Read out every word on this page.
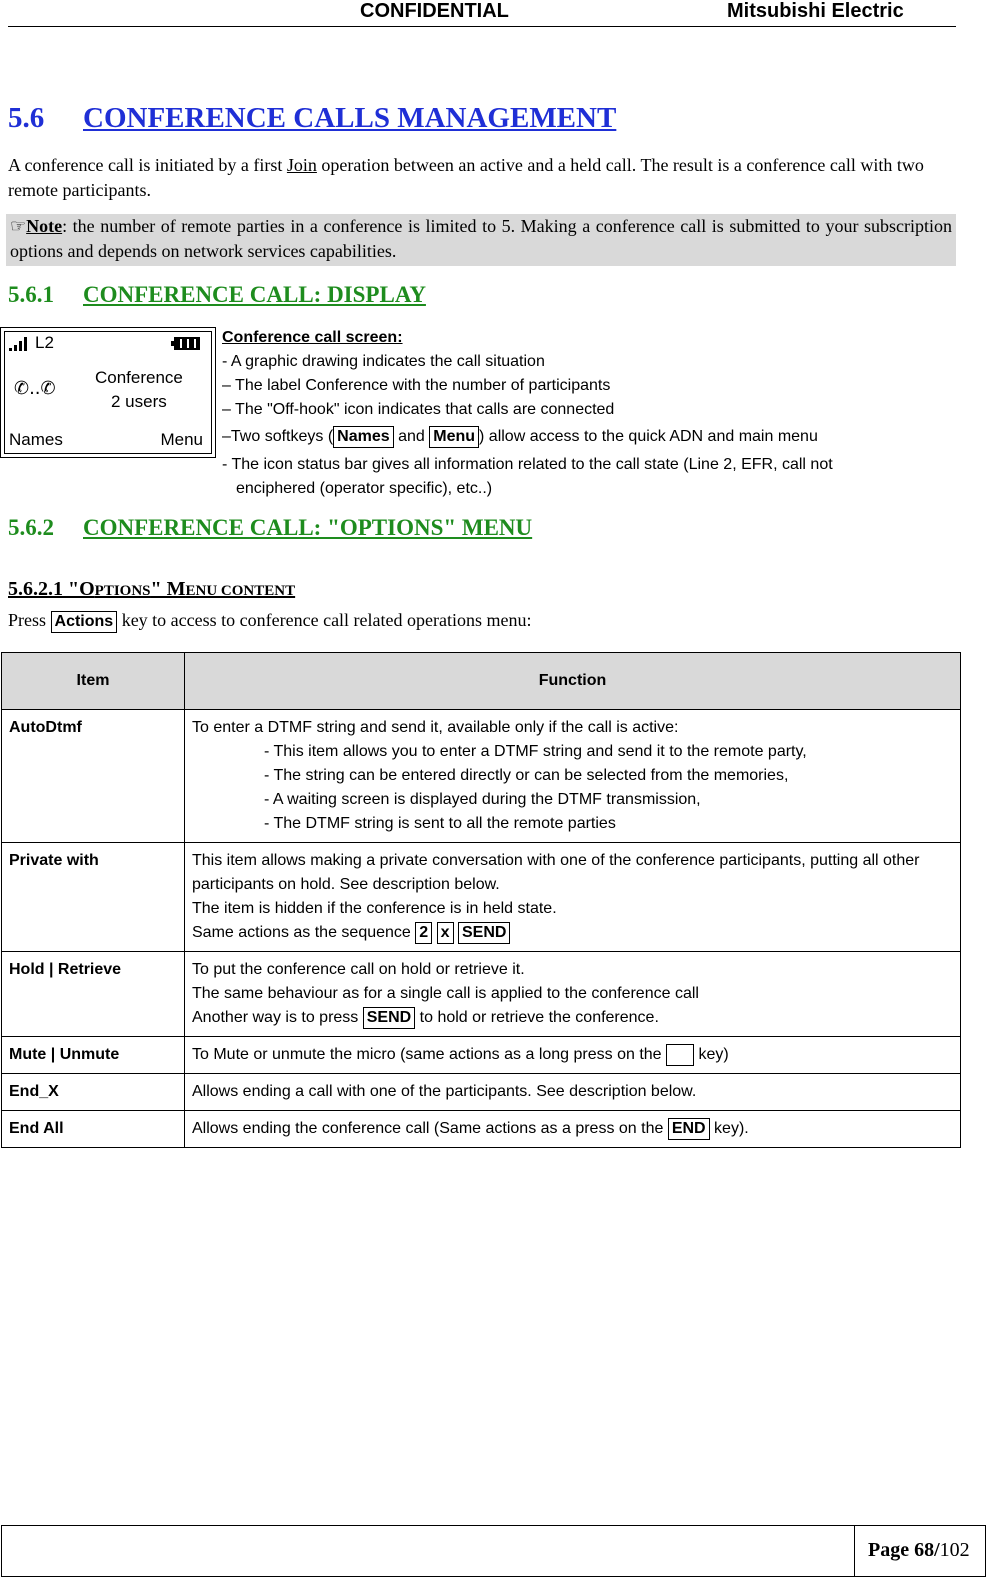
CONFIDENTIAL	Mitsubishi Electric
5.6 CONFERENCE CALLS MANAGEMENT
A conference call is initiated by a first Join operation between an active and a held call. The result is a conference call with two remote participants.
☞Note: the number of remote parties in a conference is limited to 5. Making a conference call is submitted to your subscription options and depends on network services capabilities.
5.6.1 CONFERENCE CALL: DISPLAY
L2
✆..✆
Conference
2 users
Names	Menu
Conference call screen:
- A graphic drawing indicates the call situation
– The label Conference with the number of participants
– The "Off-hook" icon indicates that calls are connected
–Two softkeys ( Names and Menu ) allow access to the quick ADN and main menu
- The icon status bar gives all information related to the call state (Line 2, EFR, call not
enciphered (operator specific), etc..)
5.6.2 CONFERENCE CALL: "OPTIONS" MENU
5.6.2.1 "OPTIONS" MENU CONTENT
Press Actions key to access to conference call related operations menu:
Item	Function
AutoDtmf	To enter a DTMF string and send it, available only if the call is active:
- This item allows you to enter a DTMF string and send it to the remote party,
- The string can be entered directly or can be selected from the memories,
- A waiting screen is displayed during the DTMF transmission,
- The DTMF string is sent to all the remote parties

Private with	This item allows making a private conversation with one of the conference participants, putting all other participants on hold. See description below.
The item is hidden if the conference is in held state.
Same actions as the sequence 2 x SEND

Hold | Retrieve	To put the conference call on hold or retrieve it.
The same behaviour as for a single call is applied to the conference call
Another way is to press SEND to hold or retrieve the conference.

Mute | Unmute	To Mute or unmute the micro (same actions as a long press on the  key)
End_X	Allows ending a call with one of the participants. See description below.
End All	Allows ending the conference call (Same actions as a press on the END key).
Page 68/102
